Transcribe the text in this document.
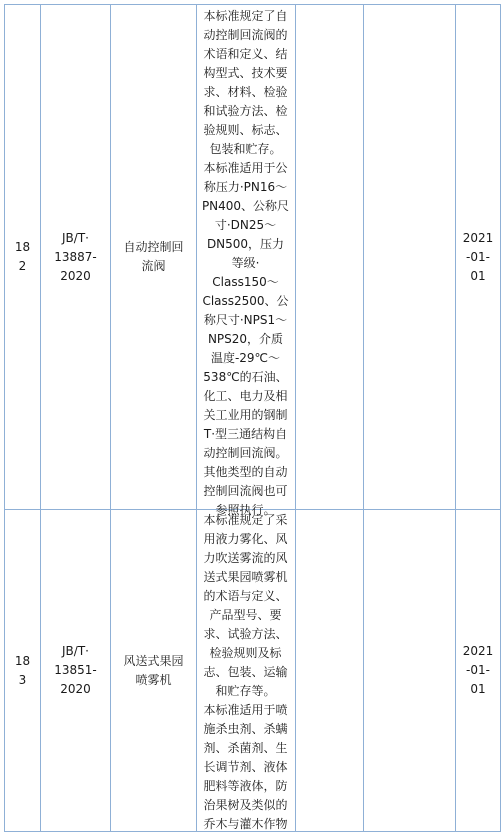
18
2
JB/T·
13887-
2020
自动控制回
流阀
本标准规定了自
动控制回流阀的
术语和定义、结
构型式、技术要
求、材料、检验
和试验方法、检
验规则、标志、
包装和贮存。
本标准适用于公
称压力·PN16～
PN400、公称尺
寸·DN25～
DN500，压力
等级·
Class150～
Class2500、公
称尺寸·NPS1～
NPS20，介质
温度-29℃～
538℃的石油、
化工、电力及相
关工业用的钢制
T·型三通结构自
动控制回流阀。
其他类型的自动
控制回流阀也可
参照执行。
2021
-01-
01
18
3
JB/T·
13851-
2020
风送式果园
喷雾机
本标准规定了采
用液力雾化、风
力吹送雾流的风
送式果园喷雾机
的术语与定义、
产品型号、要
求、试验方法、
检验规则及标
志、包装、运输
和贮存等。
本标准适用于喷
施杀虫剂、杀螨
剂、杀菌剂、生
长调节剂、液体
肥料等液体，防
治果树及类似的
乔木与灌木作物
2021
-01-
01
